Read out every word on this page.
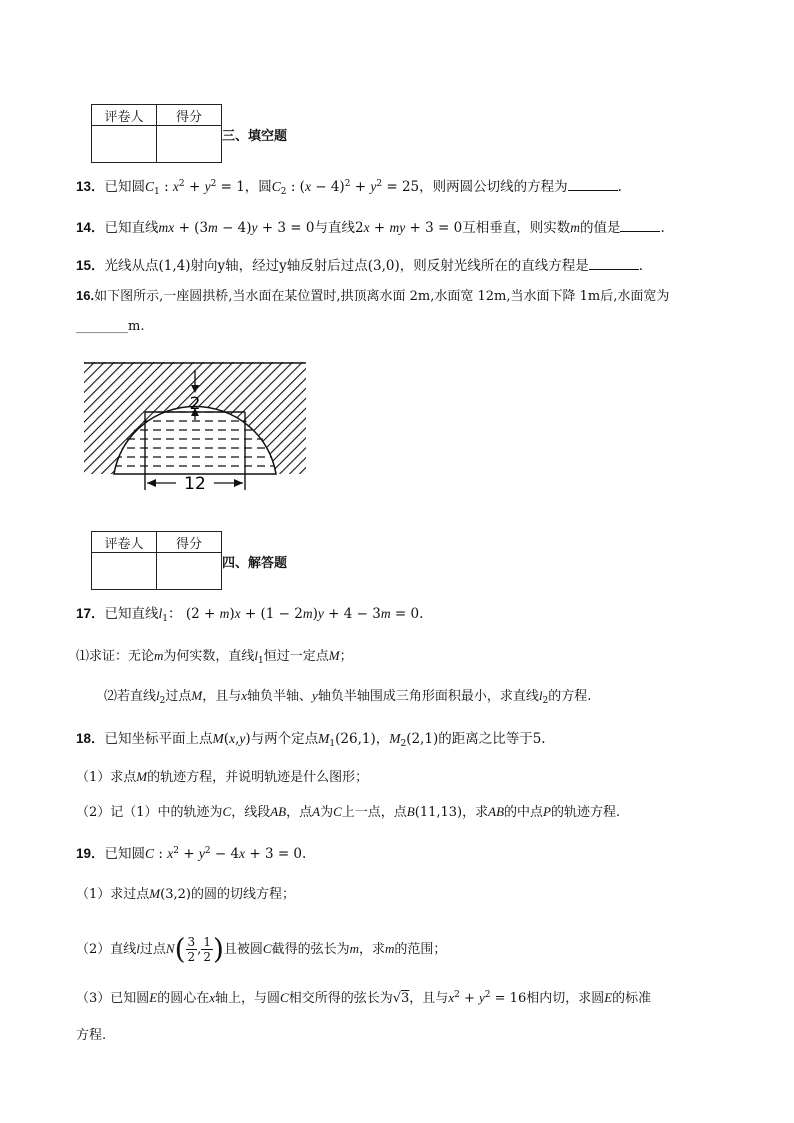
评卷人	得分

三、填空题
13．已知圆$C_1$ : $x^2 + y^2 = 1$，圆$C_2$ : $(x - 4)^2 + y^2 = 25$，则两圆公切线的方程为	.
14．已知直线mx + (3m − 4)y + 3 = 0与直线2x + my + 3 = 0互相垂直，则实数m的值是	.
15．光线从点(1,4)射向y轴，经过y轴反射后过点(3,0)，则反射光线所在的直线方程是	.
16.如下图所示,一座圆拱桥,当水面在某位置时,拱顶离水面 2m,水面宽 12m,当水面下降 1m后,水面宽为
________m.
2
12
评卷人	得分

四、解答题
17．已知直线$l_1$： (2 + m)x + (1 − 2m)y + 4 − 3m = 0.
⑴求证：无论m为何实数，直线$l_1$恒过一定点M；
⑵若直线$l_2$过点M，且与x轴负半轴、y轴负半轴围成三角形面积最小，求直线$l_2$的方程.
18．已知坐标平面上点M(x,y)与两个定点$M_1(26,1)$，$M_2(2,1)$的距离之比等于5.
（1）求点M的轨迹方程，并说明轨迹是什么图形；
（2）记（1）中的轨迹为C，线段AB，点A为C上一点，点B(11,13)，求AB的中点P的轨迹方程.
19．已知圆C : $x^2 + y^2 - 4x + 3 = 0$.
（1）求过点M(3,2)的圆的切线方程；
（2）直线l过点$N( \frac{3}{2}$ , $\frac{1}{2}$ )且被圆C截得的弦长为m，求m的范围；
（3）已知圆E的圆心在x轴上，与圆C相交所得的弦长为√3，且与$x^2 + y^2 = 16$相内切，求圆E的标准
方程.
